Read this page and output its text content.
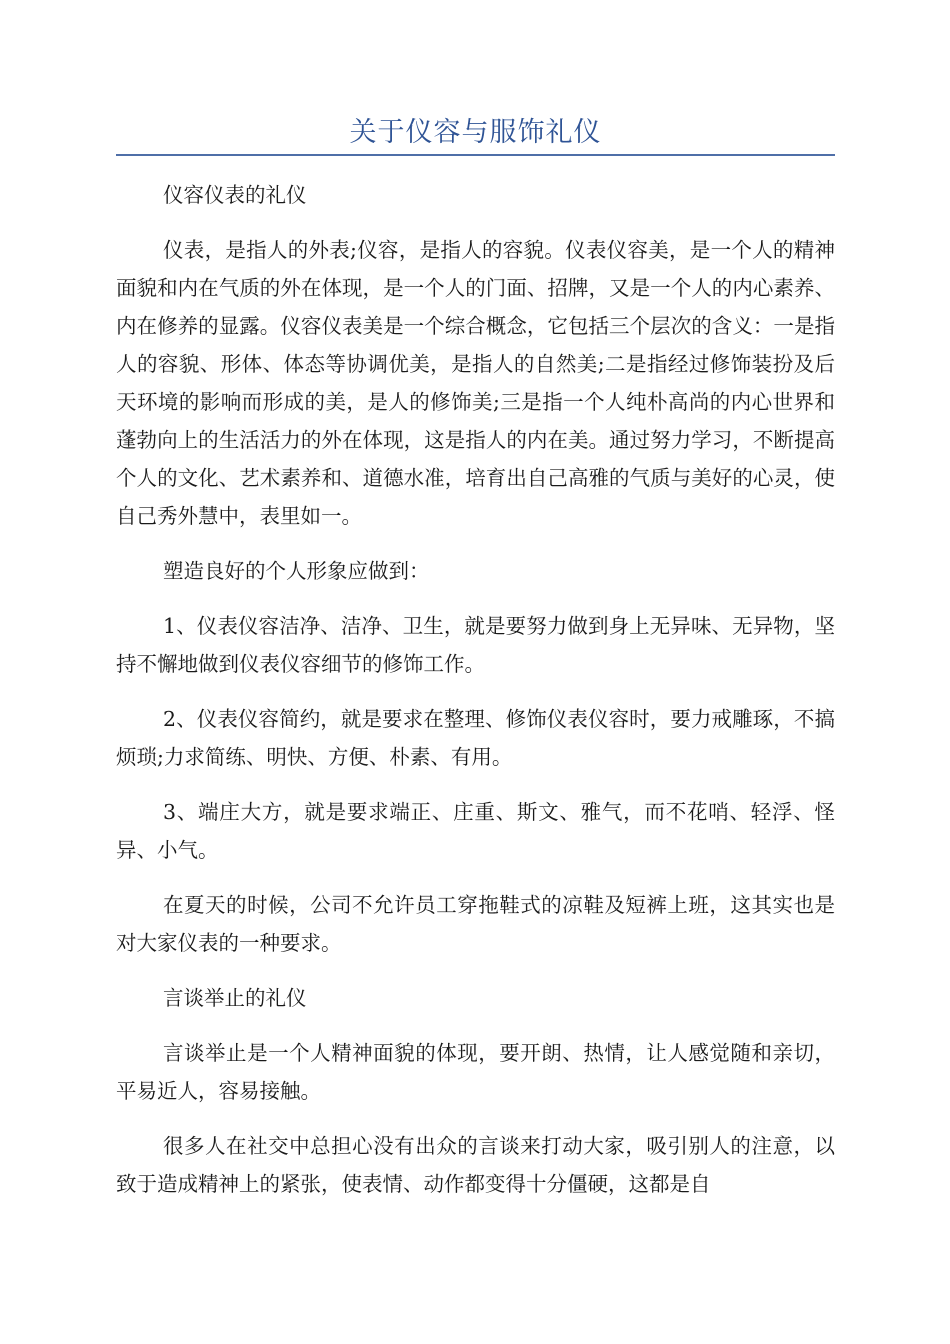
关于仪容与服饰礼仪

仪容仪表的礼仪

仪表，是指人的外表;仪容，是指人的容貌。仪表仪容美，是一个人的精神面貌和内在气质的外在体现，是一个人的门面、招牌，又是一个人的内心素养、内在修养的显露。仪容仪表美是一个综合概念，它包括三个层次的含义：一是指人的容貌、形体、体态等协调优美，是指人的自然美;二是指经过修饰装扮及后天环境的影响而形成的美，是人的修饰美;三是指一个人纯朴高尚的内心世界和蓬勃向上的生活活力的外在体现，这是指人的内在美。通过努力学习，不断提高个人的文化、艺术素养和、道德水准，培育出自己高雅的气质与美好的心灵，使自己秀外慧中，表里如一。

塑造良好的个人形象应做到：

1、仪表仪容洁净、洁净、卫生，就是要努力做到身上无异味、无异物，坚持不懈地做到仪表仪容细节的修饰工作。

2、仪表仪容简约，就是要求在整理、修饰仪表仪容时，要力戒雕琢，不搞烦琐;力求简练、明快、方便、朴素、有用。

3、端庄大方，就是要求端正、庄重、斯文、雅气，而不花哨、轻浮、怪异、小气。

在夏天的时候，公司不允许员工穿拖鞋式的凉鞋及短裤上班，这其实也是对大家仪表的一种要求。

言谈举止的礼仪

言谈举止是一个人精神面貌的体现，要开朗、热情，让人感觉随和亲切，平易近人，容易接触。

很多人在社交中总担心没有出众的言谈来打动大家，吸引别人的注意，以致于造成精神上的紧张，使表情、动作都变得十分僵硬，这都是自
